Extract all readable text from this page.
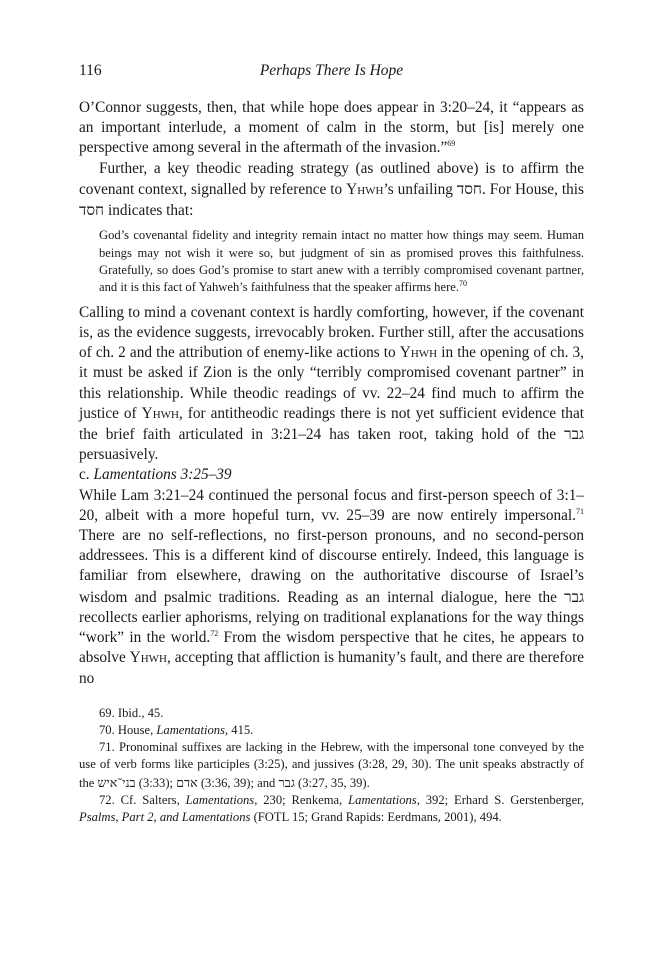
116	Perhaps There Is Hope

O’Connor suggests, then, that while hope does appear in 3:20–24, it “appears as an important interlude, a moment of calm in the storm, but [is] merely one perspective among several in the aftermath of the invasion.”$^{69}$

Further, a key theodic reading strategy (as outlined above) is to affirm the covenant context, signalled by reference to Yhwh’s unfailing חסד. For House, this חסד indicates that:

God’s covenantal fidelity and integrity remain intact no matter how things may seem. Human beings may not wish it were so, but judgment of sin as promised proves this faithfulness. Gratefully, so does God’s promise to start anew with a terribly compromised covenant partner, and it is this fact of Yahweh’s faithfulness that the speaker affirms here.$^{70}$

Calling to mind a covenant context is hardly comforting, however, if the covenant is, as the evidence suggests, irrevocably broken. Further still, after the accusations of ch. 2 and the attribution of enemy-like actions to Yhwh in the opening of ch. 3, it must be asked if Zion is the only “terribly compromised covenant partner” in this relationship. While theodic readings of vv. 22–24 find much to affirm the justice of Yhwh, for antitheodic readings there is not yet sufficient evidence that the brief faith articulated in 3:21–24 has taken root, taking hold of the גבר persuasively.

c. Lamentations 3:25–39

While Lam 3:21–24 continued the personal focus and first-person speech of 3:1–20, albeit with a more hopeful turn, vv. 25–39 are now entirely impersonal.$^{71}$ There are no self-reflections, no first-person pronouns, and no second-person addressees. This is a different kind of discourse entirely. Indeed, this language is familiar from elsewhere, drawing on the authoritative discourse of Israel’s wisdom and psalmic traditions. Reading as an internal dialogue, here the גבר recollects earlier aphorisms, relying on traditional explanations for the way things “work” in the world.$^{72}$ From the wisdom perspective that he cites, he appears to absolve Yhwh, accepting that affliction is humanity’s fault, and there are therefore no

69. Ibid., 45.

70. House, Lamentations, 415.

71. Pronominal suffixes are lacking in the Hebrew, with the impersonal tone conveyed by the use of verb forms like participles (3:25), and jussives (3:28, 29, 30). The unit speaks abstractly of the בני־איש (3:33); אדם (3:36, 39); and גבר (3:27, 35, 39).

72. Cf. Salters, Lamentations, 230; Renkema, Lamentations, 392; Erhard S. Gerstenberger, Psalms, Part 2, and Lamentations (FOTL 15; Grand Rapids: Eerdmans, 2001), 494.
